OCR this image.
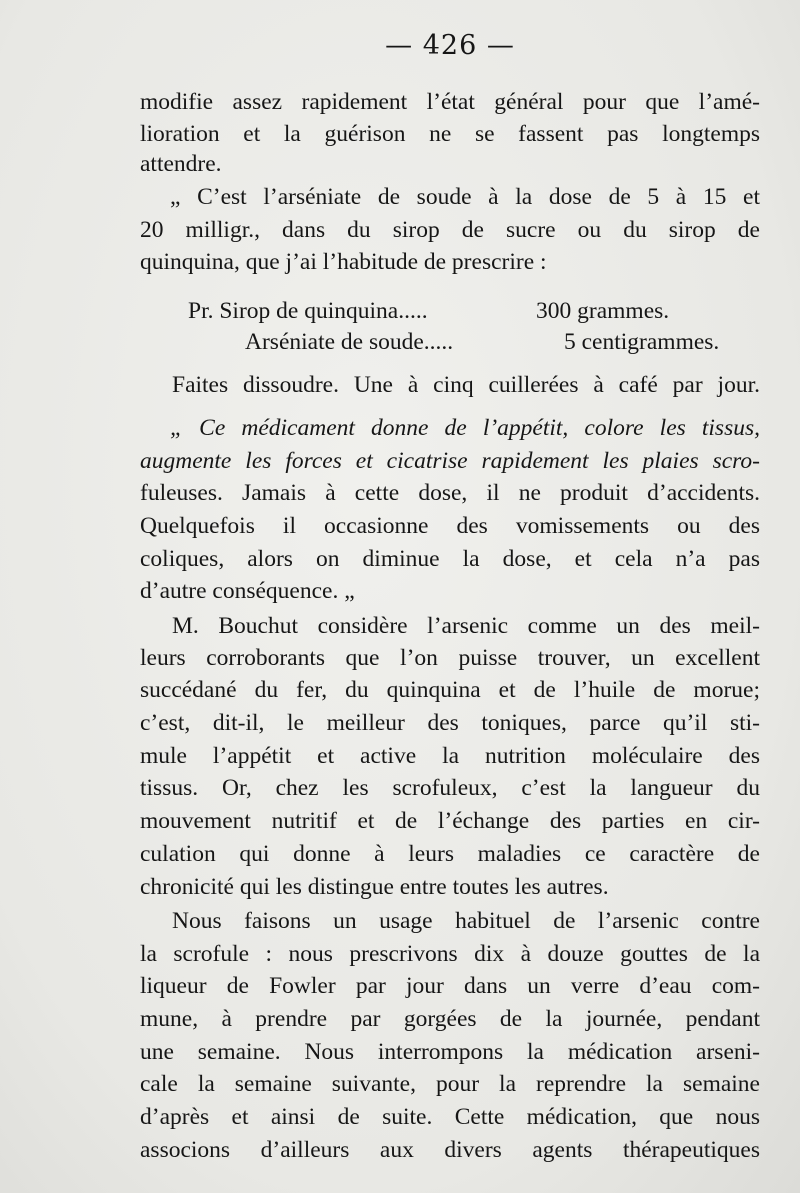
— 426 —
modifie assez rapidement l’état général pour que l’amé-
lioration et la guérison ne se fassent pas longtemps
attendre.
„ C’est l’arséniate de soude à la dose de 5 à 15 et
20 milligr., dans du sirop de sucre ou du sirop de
quinquina, que j’ai l’habitude de prescrire :
Pr. Sirop de quinquina.....	300 grammes.
Arséniate de soude.....	5 centigrammes.
Faites dissoudre. Une à cinq cuillerées à café par jour.
„ Ce médicament donne de l’appétit, colore les tissus,
augmente les forces et cicatrise rapidement les plaies scro-
fuleuses. Jamais à cette dose, il ne produit d’accidents.
Quelquefois il occasionne des vomissements ou des
coliques, alors on diminue la dose, et cela n’a pas
d’autre conséquence. „
M. Bouchut considère l’arsenic comme un des meil-
leurs corroborants que l’on puisse trouver, un excellent
succédané du fer, du quinquina et de l’huile de morue;
c’est, dit-il, le meilleur des toniques, parce qu’il sti-
mule l’appétit et active la nutrition moléculaire des
tissus. Or, chez les scrofuleux, c’est la langueur du
mouvement nutritif et de l’échange des parties en cir-
culation qui donne à leurs maladies ce caractère de
chronicité qui les distingue entre toutes les autres.
Nous faisons un usage habituel de l’arsenic contre
la scrofule : nous prescrivons dix à douze gouttes de la
liqueur de Fowler par jour dans un verre d’eau com-
mune, à prendre par gorgées de la journée, pendant
une semaine. Nous interrompons la médication arseni-
cale la semaine suivante, pour la reprendre la semaine
d’après et ainsi de suite. Cette médication, que nous
associons d’ailleurs aux divers agents thérapeutiques
